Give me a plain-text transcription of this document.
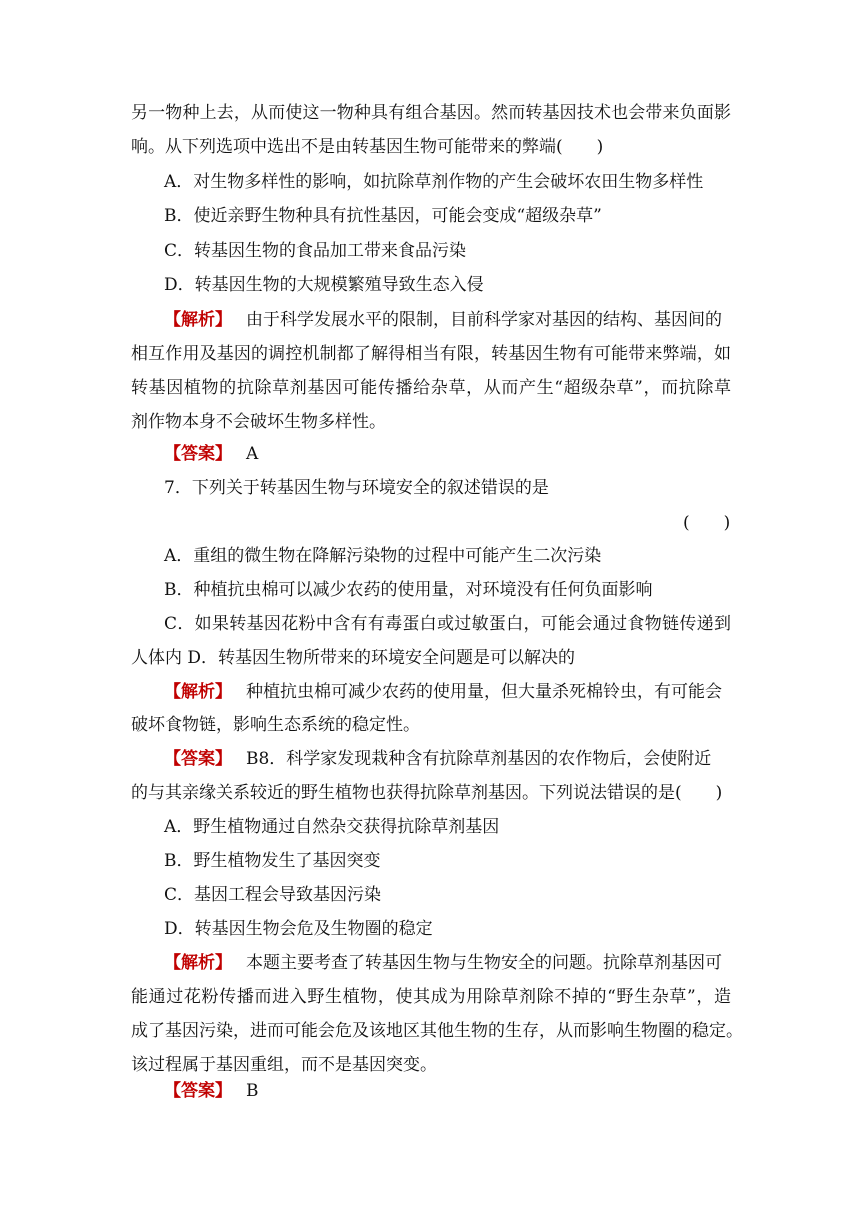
另一物种上去，从而使这一物种具有组合基因。然而转基因技术也会带来负面影
响。从下列选项中选出不是由转基因生物可能带来的弊端(　　)
A．对生物多样性的影响，如抗除草剂作物的产生会破坏农田生物多样性
B．使近亲野生物种具有抗性基因，可能会变成“超级杂草”
C．转基因生物的食品加工带来食品污染
D．转基因生物的大规模繁殖导致生态入侵
【解析】 由于科学发展水平的限制，目前科学家对基因的结构、基因间的
相互作用及基因的调控机制都了解得相当有限，转基因生物有可能带来弊端，如
转基因植物的抗除草剂基因可能传播给杂草，从而产生“超级杂草”，而抗除草
剂作物本身不会破坏生物多样性。
【答案】 A
7．下列关于转基因生物与环境安全的叙述错误的是
(　　)
A．重组的微生物在降解污染物的过程中可能产生二次污染
B．种植抗虫棉可以减少农药的使用量，对环境没有任何负面影响
C．如果转基因花粉中含有有毒蛋白或过敏蛋白，可能会通过食物链传递到
人体内 D．转基因生物所带来的环境安全问题是可以解决的
【解析】 种植抗虫棉可减少农药的使用量，但大量杀死棉铃虫，有可能会
破坏食物链，影响生态系统的稳定性。
【答案】 B8．科学家发现栽种含有抗除草剂基因的农作物后，会使附近
的与其亲缘关系较近的野生植物也获得抗除草剂基因。下列说法错误的是(　　)
A．野生植物通过自然杂交获得抗除草剂基因
B．野生植物发生了基因突变
C．基因工程会导致基因污染
D．转基因生物会危及生物圈的稳定
【解析】 本题主要考查了转基因生物与生物安全的问题。抗除草剂基因可
能通过花粉传播而进入野生植物，使其成为用除草剂除不掉的“野生杂草”，造
成了基因污染，进而可能会危及该地区其他生物的生存，从而影响生物圈的稳定。
该过程属于基因重组，而不是基因突变。
【答案】 B
